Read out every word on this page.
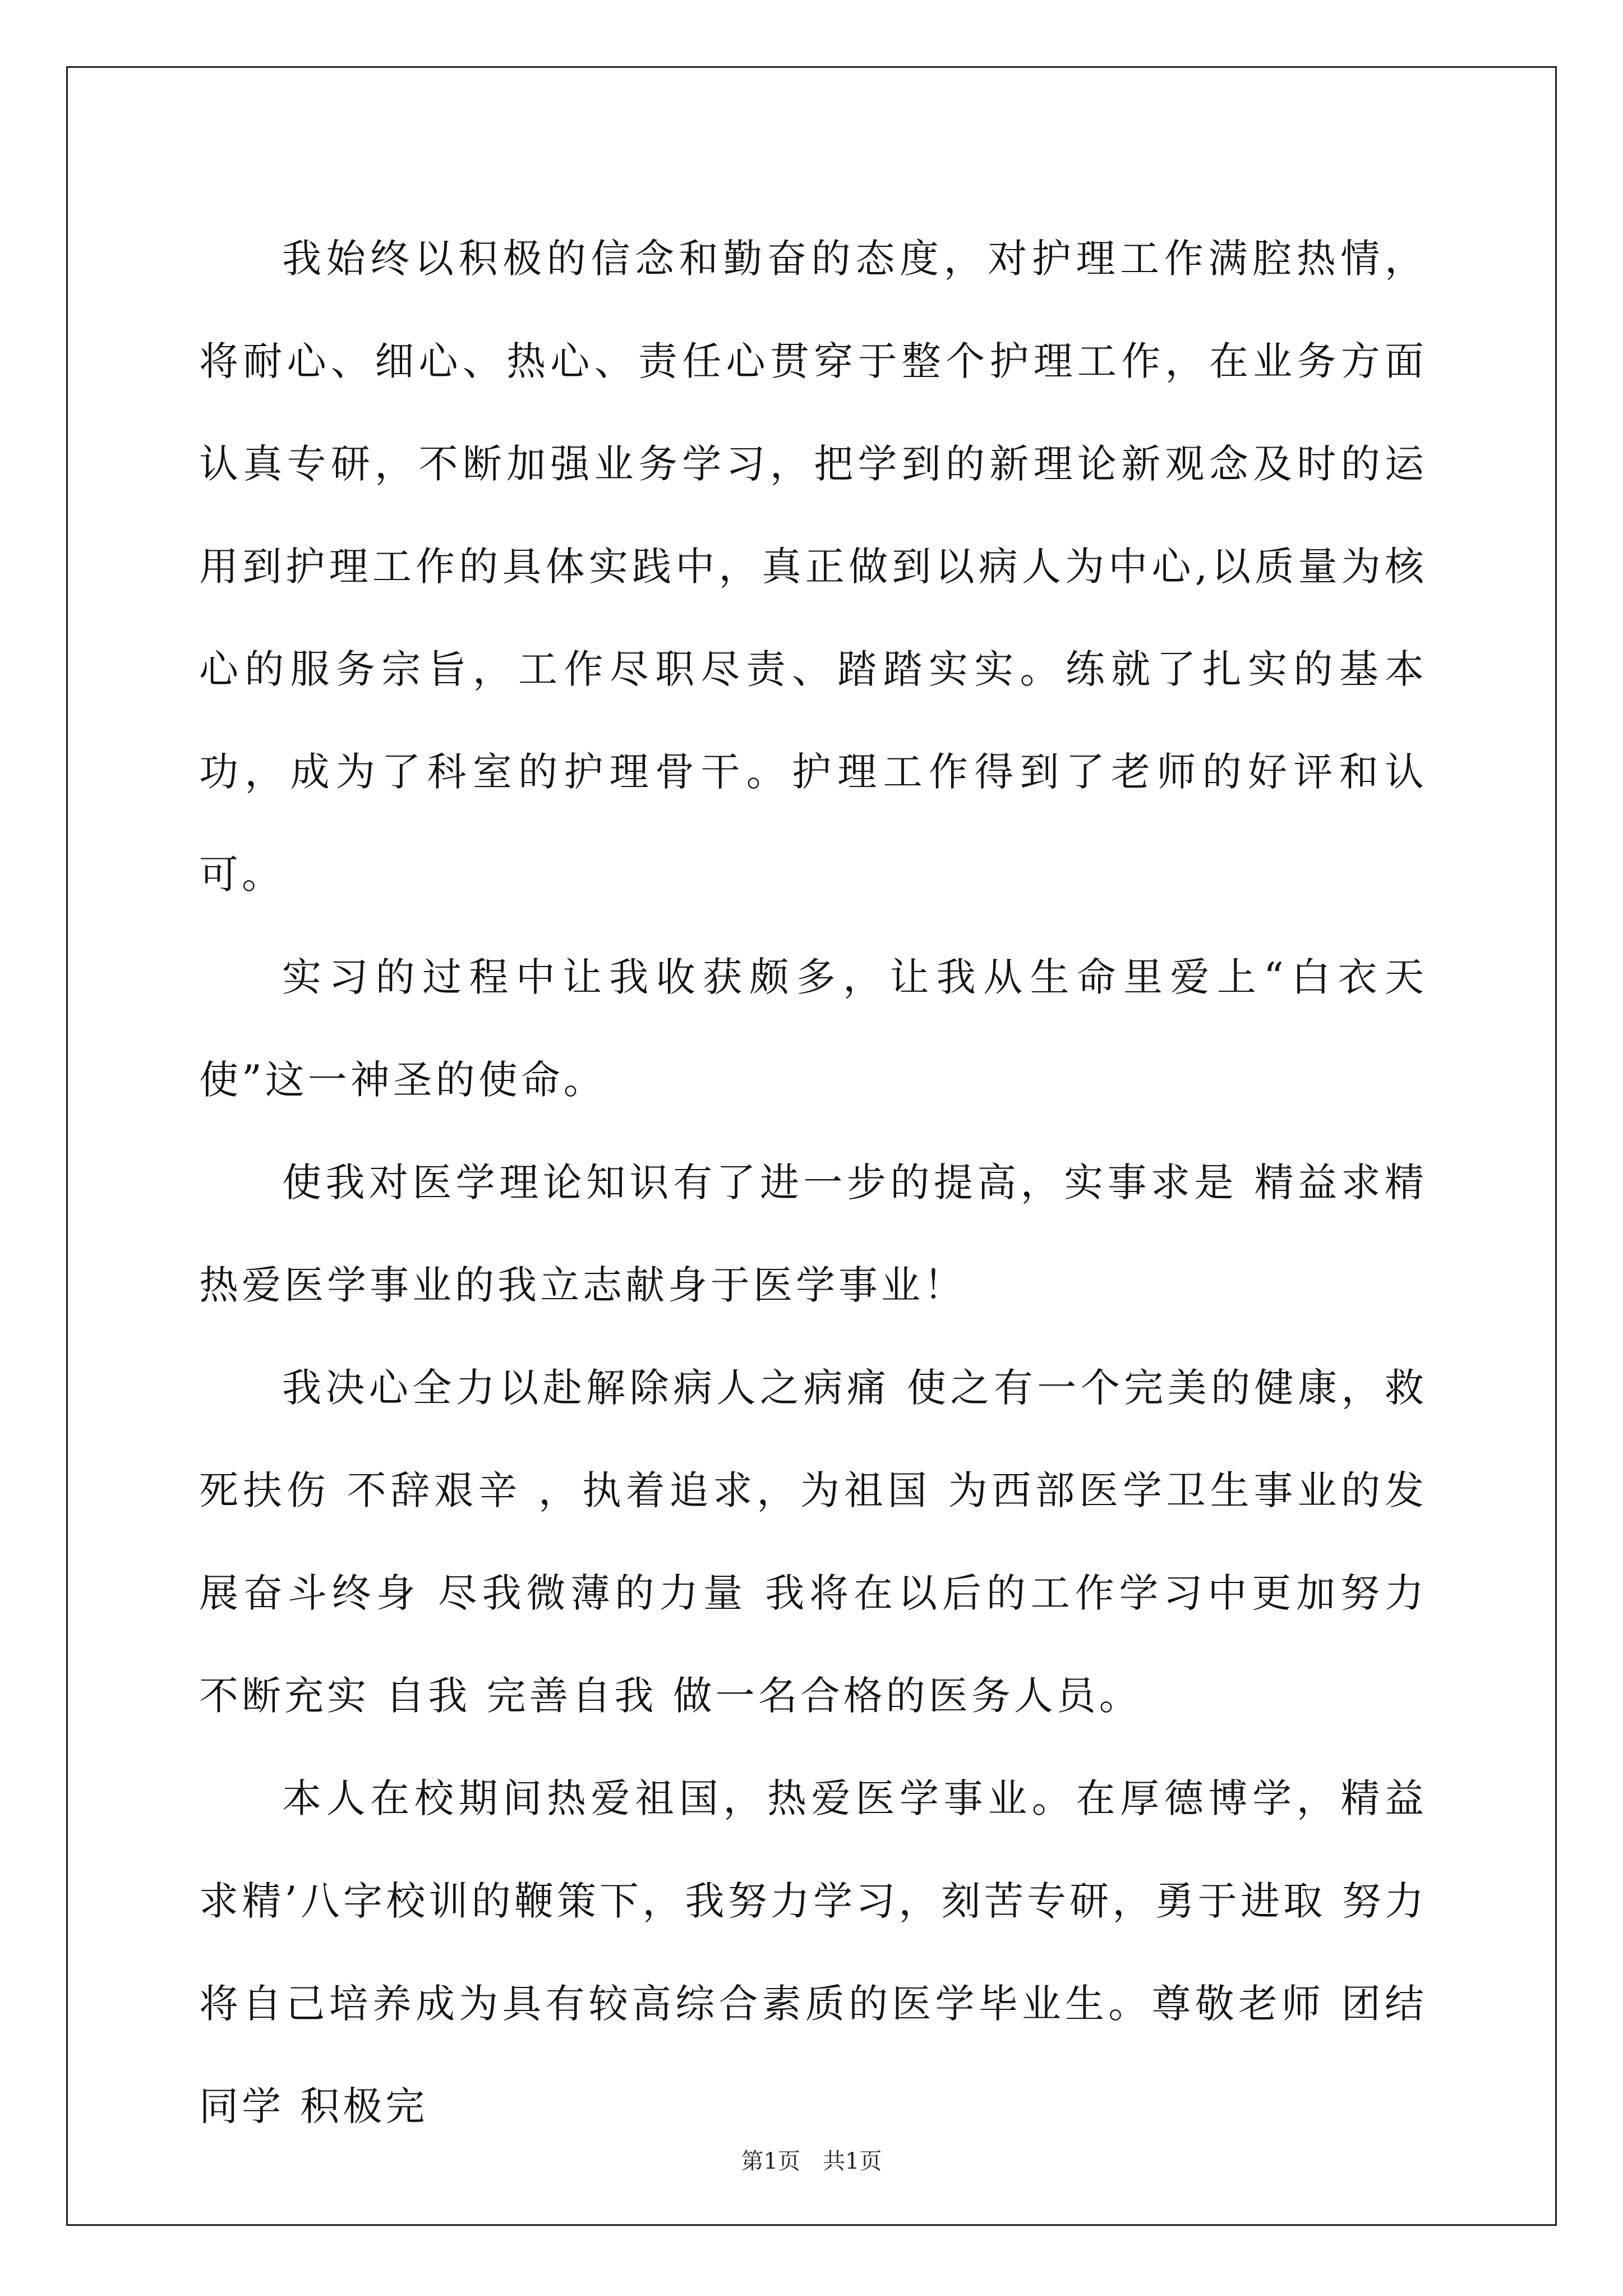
我始终以积极的信念和勤奋的态度，对护理工作满腔热情，将耐心、细心、热心、责任心贯穿于整个护理工作，在业务方面认真专研，不断加强业务学习，把学到的新理论新观念及时的运用到护理工作的具体实践中，真正做到以病人为中心,以质量为核心的服务宗旨，工作尽职尽责、踏踏实实。练就了扎实的基本功，成为了科室的护理骨干。护理工作得到了老师的好评和认可。

实习的过程中让我收获颇多，让我从生命里爱上“白衣天使”这一神圣的使命。

使我对医学理论知识有了进一步的提高，实事求是 精益求精 热爱医学事业的我立志献身于医学事业！

我决心全力以赴解除病人之病痛 使之有一个完美的健康，救死扶伤 不辞艰辛 ，执着追求，为祖国 为西部医学卫生事业的发展奋斗终身 尽我微薄的力量 我将在以后的工作学习中更加努力 不断充实 自我 完善自我 做一名合格的医务人员。

本人在校期间热爱祖国，热爱医学事业。在厚德博学，精益求精’八字校训的鞭策下，我努力学习，刻苦专研，勇于进取 努力将自己培养成为具有较高综合素质的医学毕业生。尊敬老师 团结同学 积极完

第1页　共1页
